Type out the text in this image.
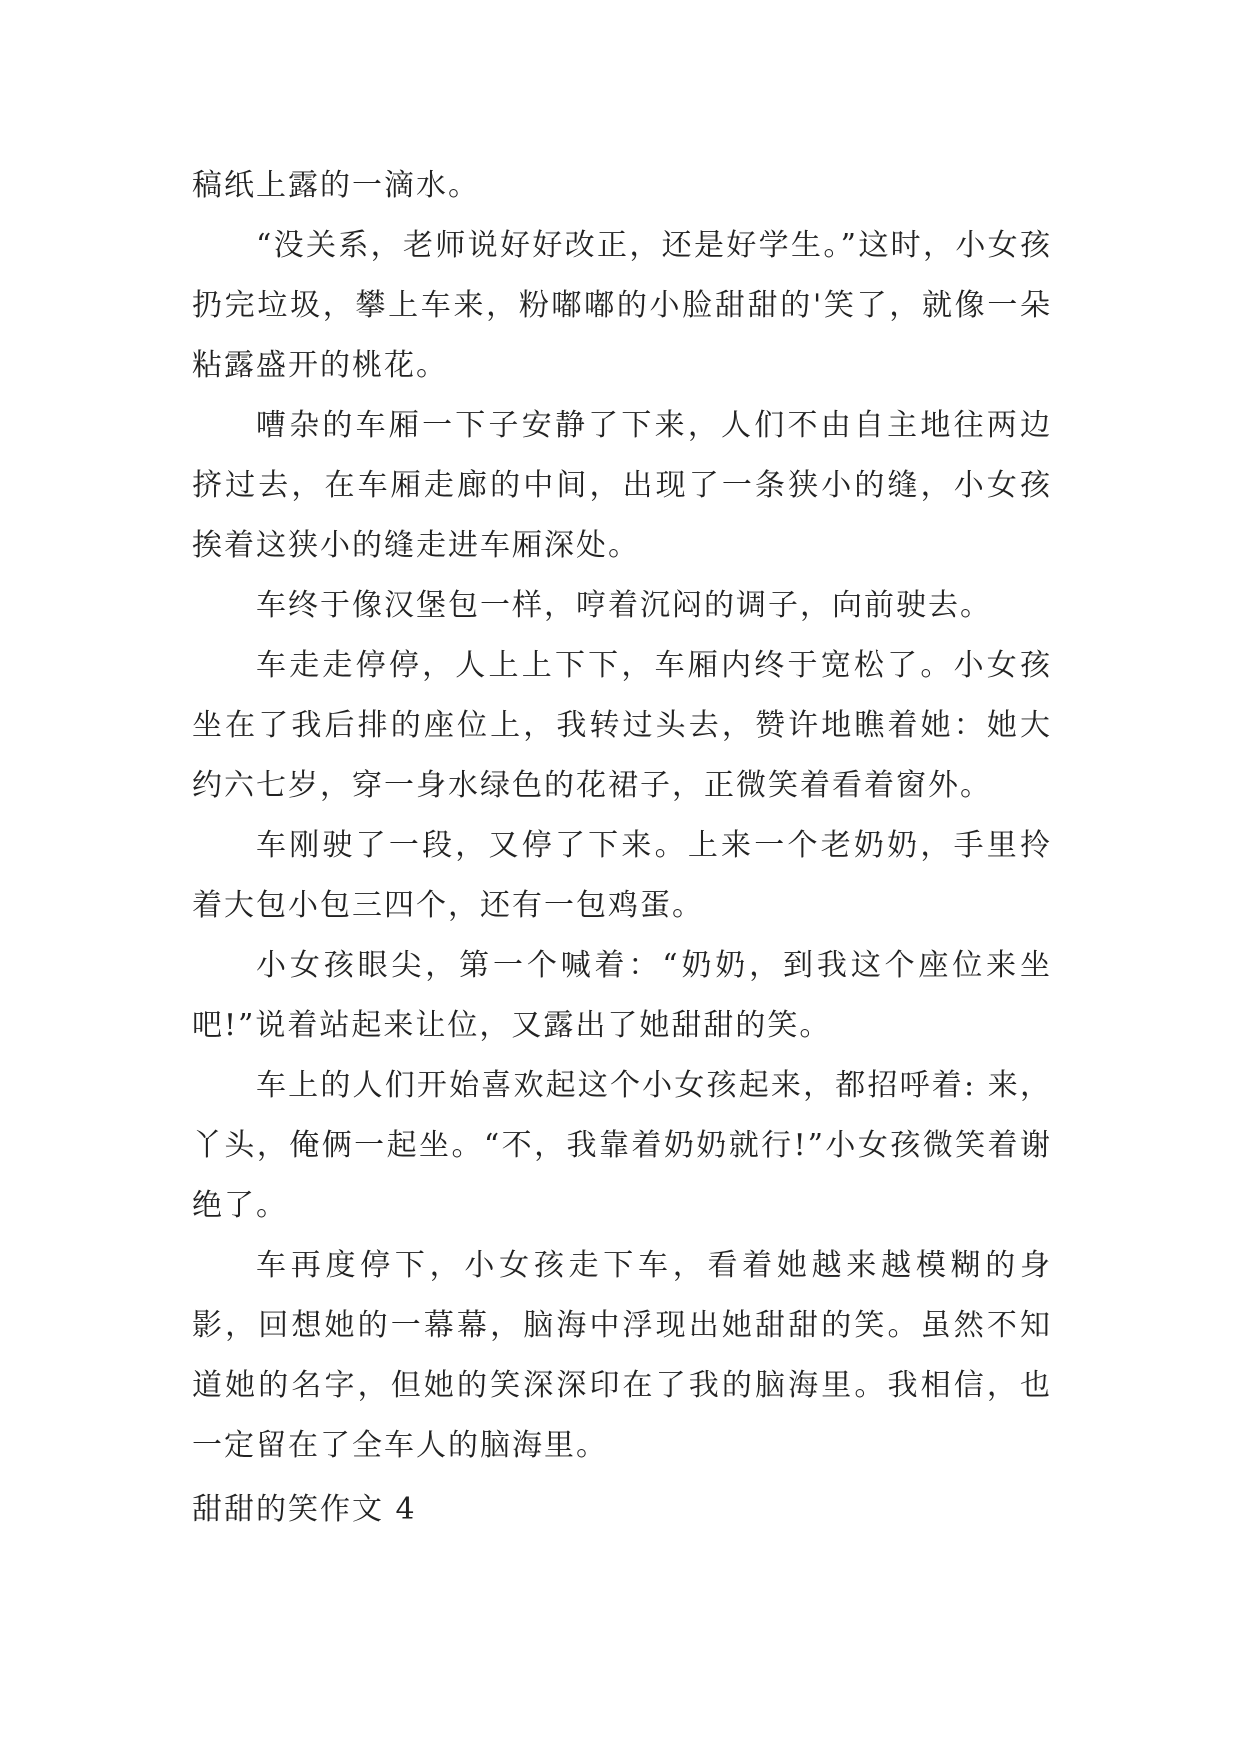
稿纸上露的一滴水。

“没关系，老师说好好改正，还是好学生。”这时，小女孩扔完垃圾，攀上车来，粉嘟嘟的小脸甜甜的'笑了，就像一朵粘露盛开的桃花。

嘈杂的车厢一下子安静了下来，人们不由自主地往两边挤过去，在车厢走廊的中间，出现了一条狭小的缝，小女孩挨着这狭小的缝走进车厢深处。

车终于像汉堡包一样，哼着沉闷的调子，向前驶去。

车走走停停，人上上下下，车厢内终于宽松了。小女孩坐在了我后排的座位上，我转过头去，赞许地瞧着她：她大约六七岁，穿一身水绿色的花裙子，正微笑着看着窗外。

车刚驶了一段，又停了下来。上来一个老奶奶，手里拎着大包小包三四个，还有一包鸡蛋。

小女孩眼尖，第一个喊着：“奶奶，到我这个座位来坐吧!”说着站起来让位，又露出了她甜甜的笑。

车上的人们开始喜欢起这个小女孩起来，都招呼着: 来，丫头，俺俩一起坐。“不，我靠着奶奶就行!”小女孩微笑着谢绝了。

车再度停下，小女孩走下车，看着她越来越模糊的身影，回想她的一幕幕，脑海中浮现出她甜甜的笑。虽然不知道她的名字，但她的笑深深印在了我的脑海里。我相信，也一定留在了全车人的脑海里。

甜甜的笑作文 4
